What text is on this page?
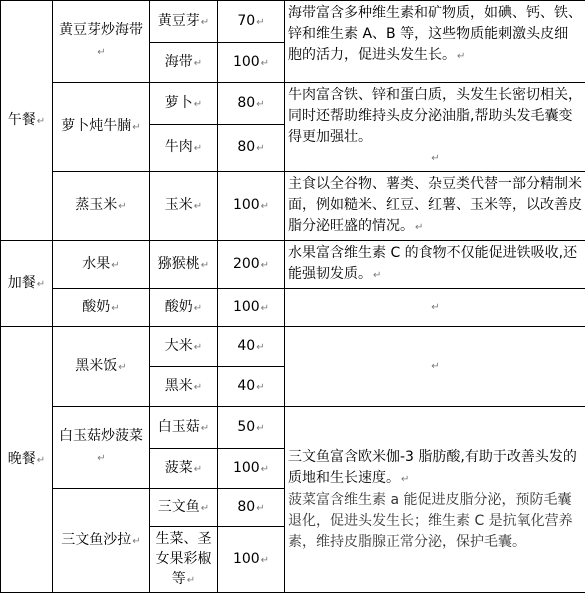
午餐↵	黄豆芽炒海带↵	黄豆芽↵	70↵	海带富含多种维生素和矿物质，如碘、钙、铁、锌和维生素 A、B 等，这些物质能刺激头皮细胞的活力，促进头发生长。↵
		海带↵	100↵	
	萝卜炖牛腩↵	萝卜↵	80↵	牛肉富含铁、锌和蛋白质，头发生长密切相关，同时还帮助维持头皮分泌油脂,帮助头发毛囊变得更加强壮。
↵

		牛肉↵	80↵	
	蒸玉米↵	玉米↵	100↵	主食以全谷物、薯类、杂豆类代替一部分精制米面，例如糙米、红豆、红薯、玉米等，以改善皮脂分泌旺盛的情况。↵
加餐↵	水果↵	猕猴桃↵	200↵	水果富含维生素 C 的食物不仅能促进铁吸收,还能强韧发质。↵
	酸奶↵	酸奶↵	100↵	↵

晚餐↵	黑米饭↵	大米↵	40↵	↵

		黑米↵	40↵	
	白玉菇炒菠菜↵	白玉菇↵	50↵	三文鱼富含欧米伽-3 脂肪酸,有助于改善头发的质地和生长速度。↵
菠菜富含维生素 a 能促进皮脂分泌，预防毛囊退化，促进头发生长；维生素 C 是抗氧化营养素，维持皮脂腺正常分泌，保护毛囊。

		菠菜↵	100↵	
	三文鱼沙拉↵	三文鱼↵	80↵	
		生菜、圣女果彩椒等↵	100↵	
